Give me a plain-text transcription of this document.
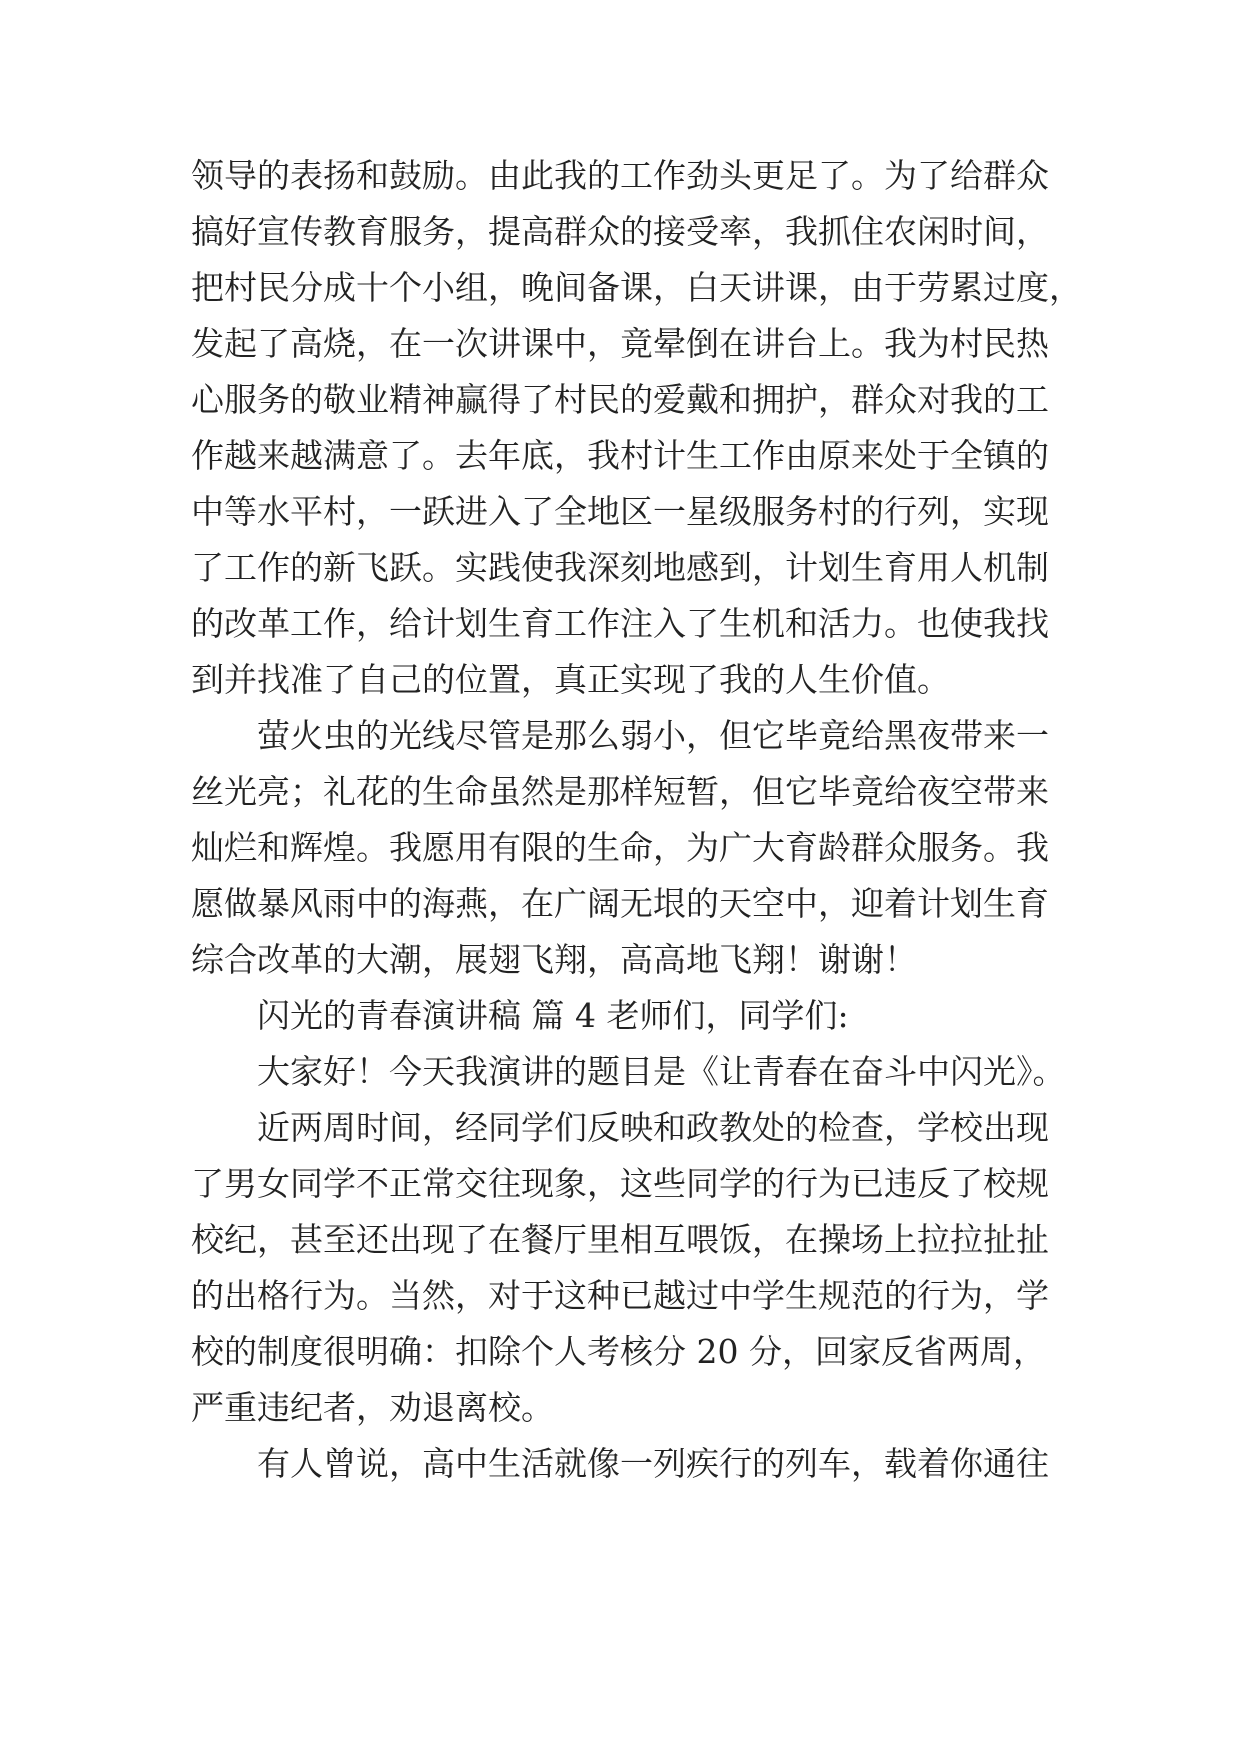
领导的表扬和鼓励。由此我的工作劲头更足了。为了给群众

搞好宣传教育服务，提高群众的接受率，我抓住农闲时间，

把村民分成十个小组，晚间备课，白天讲课，由于劳累过度，

发起了高烧，在一次讲课中，竟晕倒在讲台上。我为村民热

心服务的敬业精神赢得了村民的爱戴和拥护，群众对我的工

作越来越满意了。去年底，我村计生工作由原来处于全镇的

中等水平村，一跃进入了全地区一星级服务村的行列，实现

了工作的新飞跃。实践使我深刻地感到，计划生育用人机制

的改革工作，给计划生育工作注入了生机和活力。也使我找

到并找准了自己的位置，真正实现了我的人生价值。

萤火虫的光线尽管是那么弱小，但它毕竟给黑夜带来一

丝光亮；礼花的生命虽然是那样短暂，但它毕竟给夜空带来

灿烂和辉煌。我愿用有限的生命，为广大育龄群众服务。我

愿做暴风雨中的海燕，在广阔无垠的天空中，迎着计划生育

综合改革的大潮，展翅飞翔，高高地飞翔！谢谢！

闪光的青春演讲稿 篇 4 老师们，同学们:

大家好！今天我演讲的题目是《让青春在奋斗中闪光》。

近两周时间，经同学们反映和政教处的检查，学校出现

了男女同学不正常交往现象，这些同学的行为已违反了校规

校纪，甚至还出现了在餐厅里相互喂饭，在操场上拉拉扯扯

的出格行为。当然，对于这种已越过中学生规范的行为，学

校的制度很明确：扣除个人考核分 20 分，回家反省两周，

严重违纪者，劝退离校。

有人曾说，高中生活就像一列疾行的列车，载着你通往
